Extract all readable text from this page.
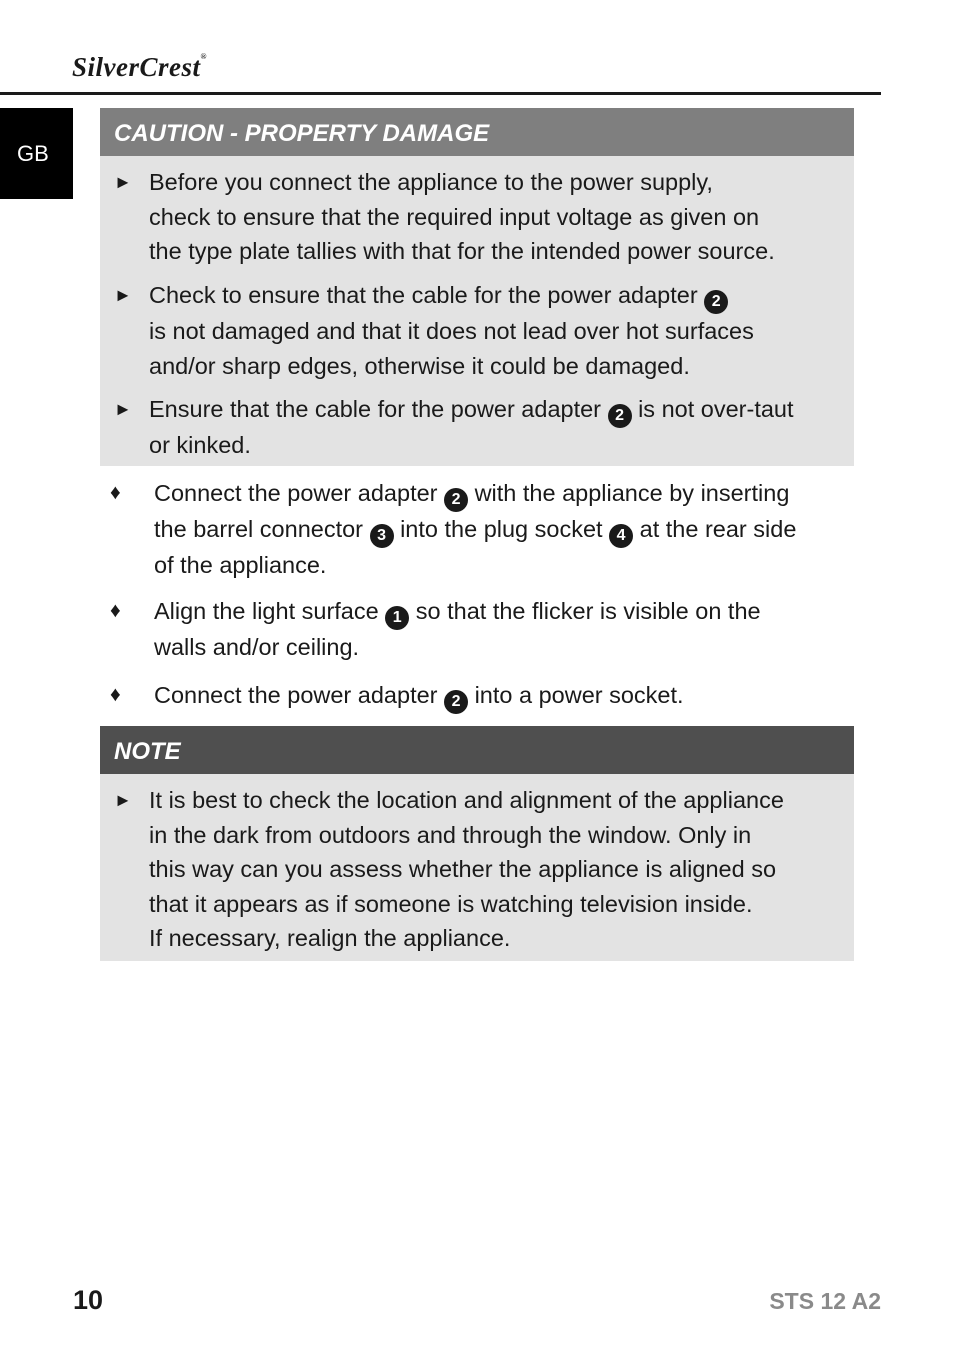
SilverCrest®
GB
CAUTION - PROPERTY DAMAGE
► Before you connect the appliance to the power supply,
check to ensure that the required input voltage as given on
the type plate tallies with that for the intended power source.
► Check to ensure that the cable for the power adapter 2
is not damaged and that it does not lead over hot surfaces
and/or sharp edges, otherwise it could be damaged.
► Ensure that the cable for the power adapter 2 is not over-taut
or kinked.
♦ Connect the power adapter 2 with the appliance by inserting
the barrel connector 3 into the plug socket 4 at the rear side
of the appliance.
♦ Align the light surface 1 so that the flicker is visible on the
walls and/or ceiling.
♦ Connect the power adapter 2 into a power socket.
NOTE
► It is best to check the location and alignment of the appliance
in the dark from outdoors and through the window. Only in
this way can you assess whether the appliance is aligned so
that it appears as if someone is watching television inside.
If necessary, realign the appliance.
10	STS 12 A2
